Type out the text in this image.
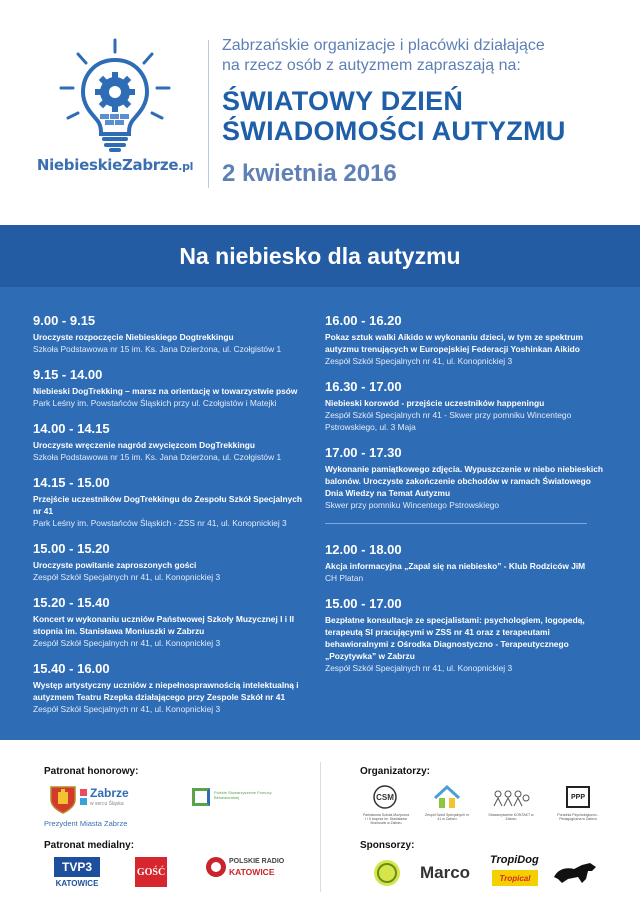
NiebieskieZabrze.pl
Zabrzańskie organizacje i placówki działające
na rzecz osób z autyzmem zapraszają na:
ŚWIATOWY DZIEŃ
ŚWIADOMOŚCI AUTYZMU
2 kwietnia 2016
Na niebiesko dla autyzmu
9.00 - 9.15
Uroczyste rozpoczęcie Niebieskiego Dogtrekkingu
Szkoła Podstawowa nr 15 im. Ks. Jana Dzierżona, ul. Czołgistów 1
9.15 - 14.00
Niebieski DogTrekking – marsz na orientację w towarzystwie psów
Park Leśny im. Powstańców Śląskich przy ul. Czołgistów i Matejki
14.00 - 14.15
Uroczyste wręczenie nagród zwycięzcom DogTrekkingu
Szkoła Podstawowa nr 15 im. Ks. Jana Dzierżona, ul. Czołgistów 1
14.15 - 15.00
Przejście uczestników DogTrekkingu do Zespołu Szkół Specjalnych nr 41
Park Leśny im. Powstańców Śląskich - ZSS nr 41, ul. Konopnickiej 3
15.00 - 15.20
Uroczyste powitanie zaproszonych gości
Zespół Szkół Specjalnych nr 41, ul. Konopnickiej 3
15.20 - 15.40
Koncert w wykonaniu uczniów Państwowej Szkoły Muzycznej I i II stopnia im. Stanisława Moniuszki w Zabrzu
Zespół Szkół Specjalnych nr 41, ul. Konopnickiej 3
15.40 - 16.00
Występ artystyczny uczniów z niepełnosprawnością intelektualną i autyzmem Teatru Rzepka działającego przy Zespole Szkół nr 41
Zespół Szkół Specjalnych nr 41, ul. Konopnickiej 3
16.00 - 16.20
Pokaz sztuk walki Aikido w wykonaniu dzieci, w tym ze spektrum autyzmu trenujących w Europejskiej Federacji Yoshinkan Aikido
Zespół Szkół Specjalnych nr 41, ul. Konopnickiej 3
16.30 - 17.00
Niebieski korowód - przejście uczestników happeningu
Zespół Szkół Specjalnych nr 41 - Skwer przy pomniku Wincentego Pstrowskiego, ul. 3 Maja
17.00 - 17.30
Wykonanie pamiątkowego zdjęcia. Wypuszczenie w niebo niebieskich balonów. Uroczyste zakończenie obchodów w ramach Światowego Dnia Wiedzy na Temat Autyzmu
Skwer przy pomniku Wincentego Pstrowskiego
12.00 - 18.00
Akcja informacyjna „Zapal się na niebiesko” - Klub Rodziców JiM
CH Platan
15.00 - 17.00
Bezpłatne konsultacje ze specjalistami: psychologiem, logopedą, terapeutą SI pracującymi w ZSS nr 41 oraz z terapeutami behawioralnymi z Ośrodka Diagnostyczno - Terapeutycznego „Pozytywka” w Zabrzu
Zespół Szkół Specjalnych nr 41, ul. Konopnickiej 3
Patronat honorowy:
Zabrze
w sercu Śląska
Prezydent Miasta Zabrze
Polskie Stowarzyszenie Pomocy Behawioralnej
Patronat medialny:
TVP3
KATOWICE
GOŚĆ
POLSKIE RADIO
KATOWICE
Organizatorzy:
CSM
Państwowa Szkoła Muzyczna I i II stopnia im. Stanisława Moniuszki w Zabrzu
Zespół Szkół Specjalnych nr 41 w Zabrzu
Stowarzyszenie KONTAKT w Zabrzu
PPP
Poradnia Psychologiczno - Pedagogiczna w Zabrzu
Sponsorzy:
Marco
TropiDog
Tropical
